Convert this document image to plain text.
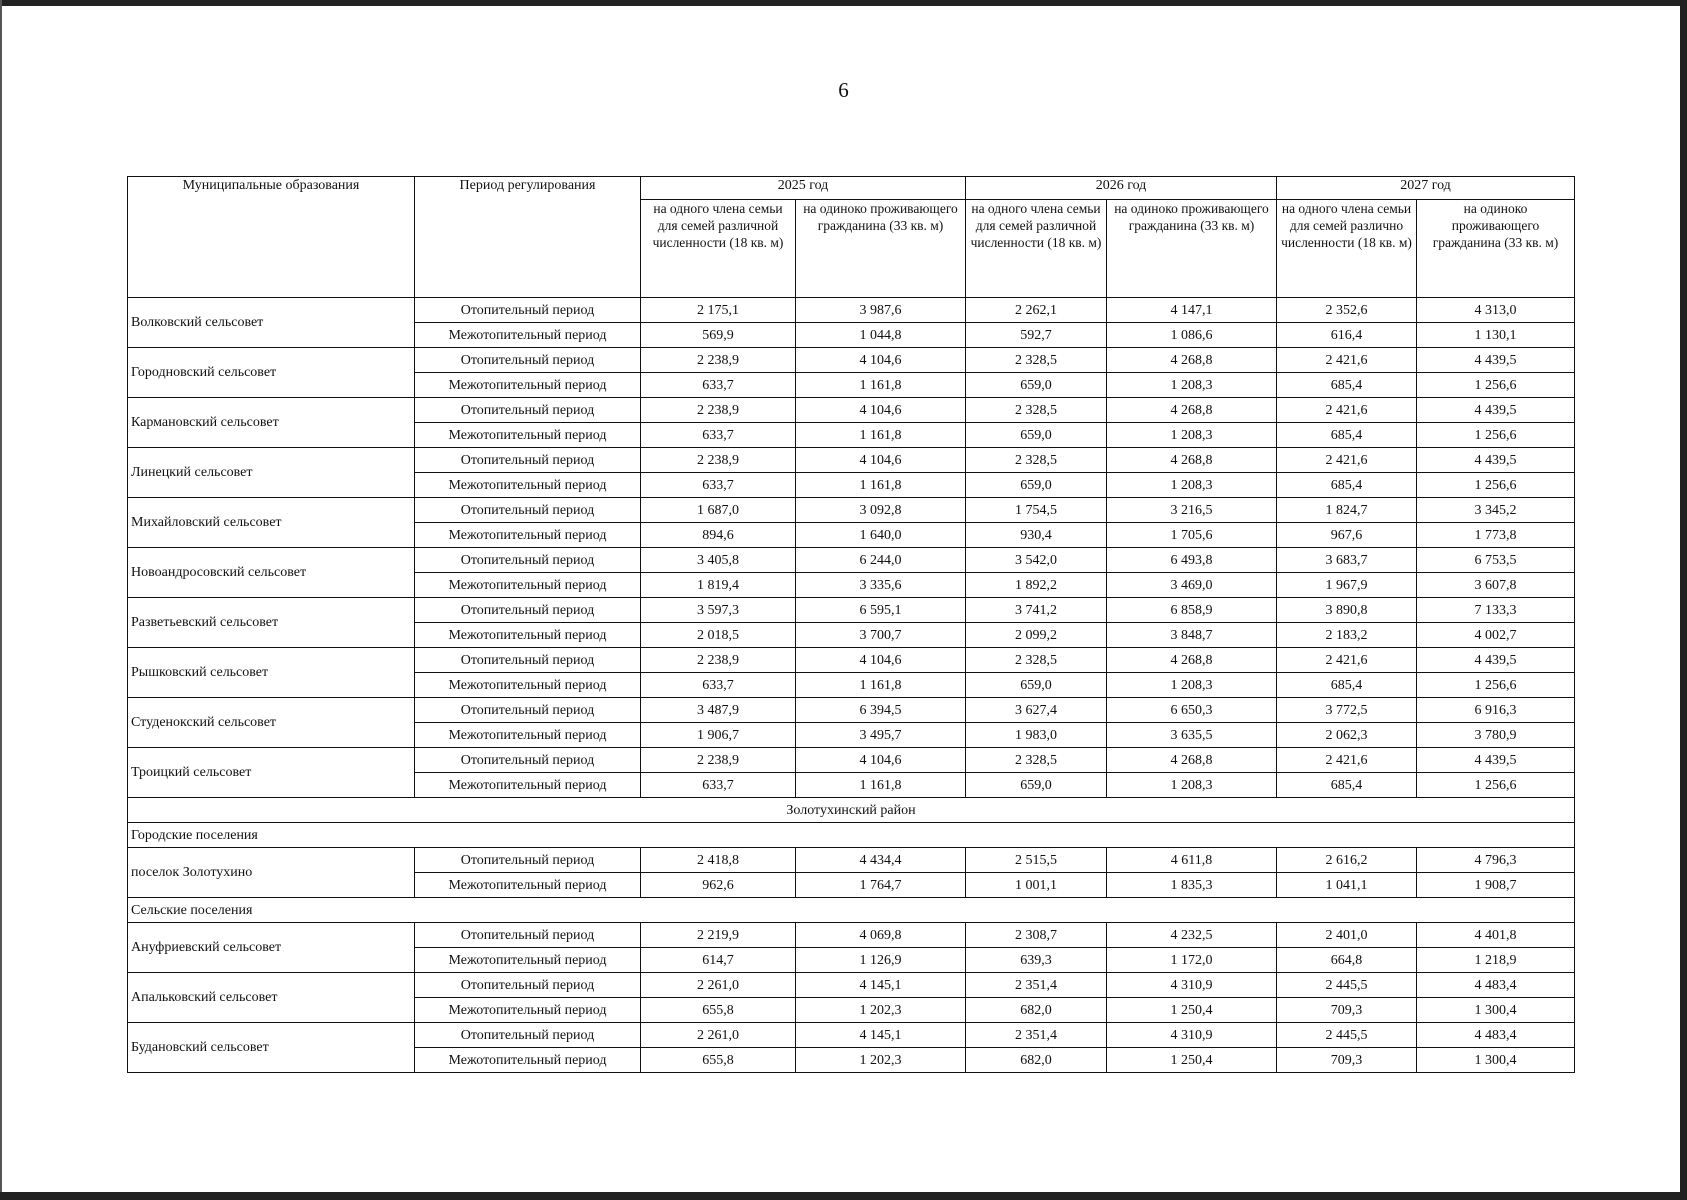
6
Муниципальные образования	Период регулирования	2025 год		2026 год		2027 год	
		на одного члена семьи для семей различной численности (18 кв. м)	на одиноко проживающего гражданина (33 кв. м)	на одного члена семьи для семей различной численности (18 кв. м)	на одиноко проживающего гражданина (33 кв. м)	на одного члена семьи для семей различно численности (18 кв. м)	на одиноко проживающего гражданина (33 кв. м)
Волковский сельсовет	Отопительный период	2 175,1	3 987,6	2 262,1	4 147,1	2 352,6	4 313,0
	Межотопительный период	569,9	1 044,8	592,7	1 086,6	616,4	1 130,1
Городновский сельсовет	Отопительный период	2 238,9	4 104,6	2 328,5	4 268,8	2 421,6	4 439,5
	Межотопительный период	633,7	1 161,8	659,0	1 208,3	685,4	1 256,6
Кармановский сельсовет	Отопительный период	2 238,9	4 104,6	2 328,5	4 268,8	2 421,6	4 439,5
	Межотопительный период	633,7	1 161,8	659,0	1 208,3	685,4	1 256,6
Линецкий сельсовет	Отопительный период	2 238,9	4 104,6	2 328,5	4 268,8	2 421,6	4 439,5
	Межотопительный период	633,7	1 161,8	659,0	1 208,3	685,4	1 256,6
Михайловский сельсовет	Отопительный период	1 687,0	3 092,8	1 754,5	3 216,5	1 824,7	3 345,2
	Межотопительный период	894,6	1 640,0	930,4	1 705,6	967,6	1 773,8
Новоандросовский сельсовет	Отопительный период	3 405,8	6 244,0	3 542,0	6 493,8	3 683,7	6 753,5
	Межотопительный период	1 819,4	3 335,6	1 892,2	3 469,0	1 967,9	3 607,8
Разветьевский сельсовет	Отопительный период	3 597,3	6 595,1	3 741,2	6 858,9	3 890,8	7 133,3
	Межотопительный период	2 018,5	3 700,7	2 099,2	3 848,7	2 183,2	4 002,7
Рышковский сельсовет	Отопительный период	2 238,9	4 104,6	2 328,5	4 268,8	2 421,6	4 439,5
	Межотопительный период	633,7	1 161,8	659,0	1 208,3	685,4	1 256,6
Студенокский сельсовет	Отопительный период	3 487,9	6 394,5	3 627,4	6 650,3	3 772,5	6 916,3
	Межотопительный период	1 906,7	3 495,7	1 983,0	3 635,5	2 062,3	3 780,9
Троицкий сельсовет	Отопительный период	2 238,9	4 104,6	2 328,5	4 268,8	2 421,6	4 439,5
	Межотопительный период	633,7	1 161,8	659,0	1 208,3	685,4	1 256,6
Золотухинский район							
Городские поселения							
поселок Золотухино	Отопительный период	2 418,8	4 434,4	2 515,5	4 611,8	2 616,2	4 796,3
	Межотопительный период	962,6	1 764,7	1 001,1	1 835,3	1 041,1	1 908,7
Сельские поселения							
Ануфриевский сельсовет	Отопительный период	2 219,9	4 069,8	2 308,7	4 232,5	2 401,0	4 401,8
	Межотопительный период	614,7	1 126,9	639,3	1 172,0	664,8	1 218,9
Апальковский сельсовет	Отопительный период	2 261,0	4 145,1	2 351,4	4 310,9	2 445,5	4 483,4
	Межотопительный период	655,8	1 202,3	682,0	1 250,4	709,3	1 300,4
Будановский сельсовет	Отопительный период	2 261,0	4 145,1	2 351,4	4 310,9	2 445,5	4 483,4
	Межотопительный период	655,8	1 202,3	682,0	1 250,4	709,3	1 300,4
